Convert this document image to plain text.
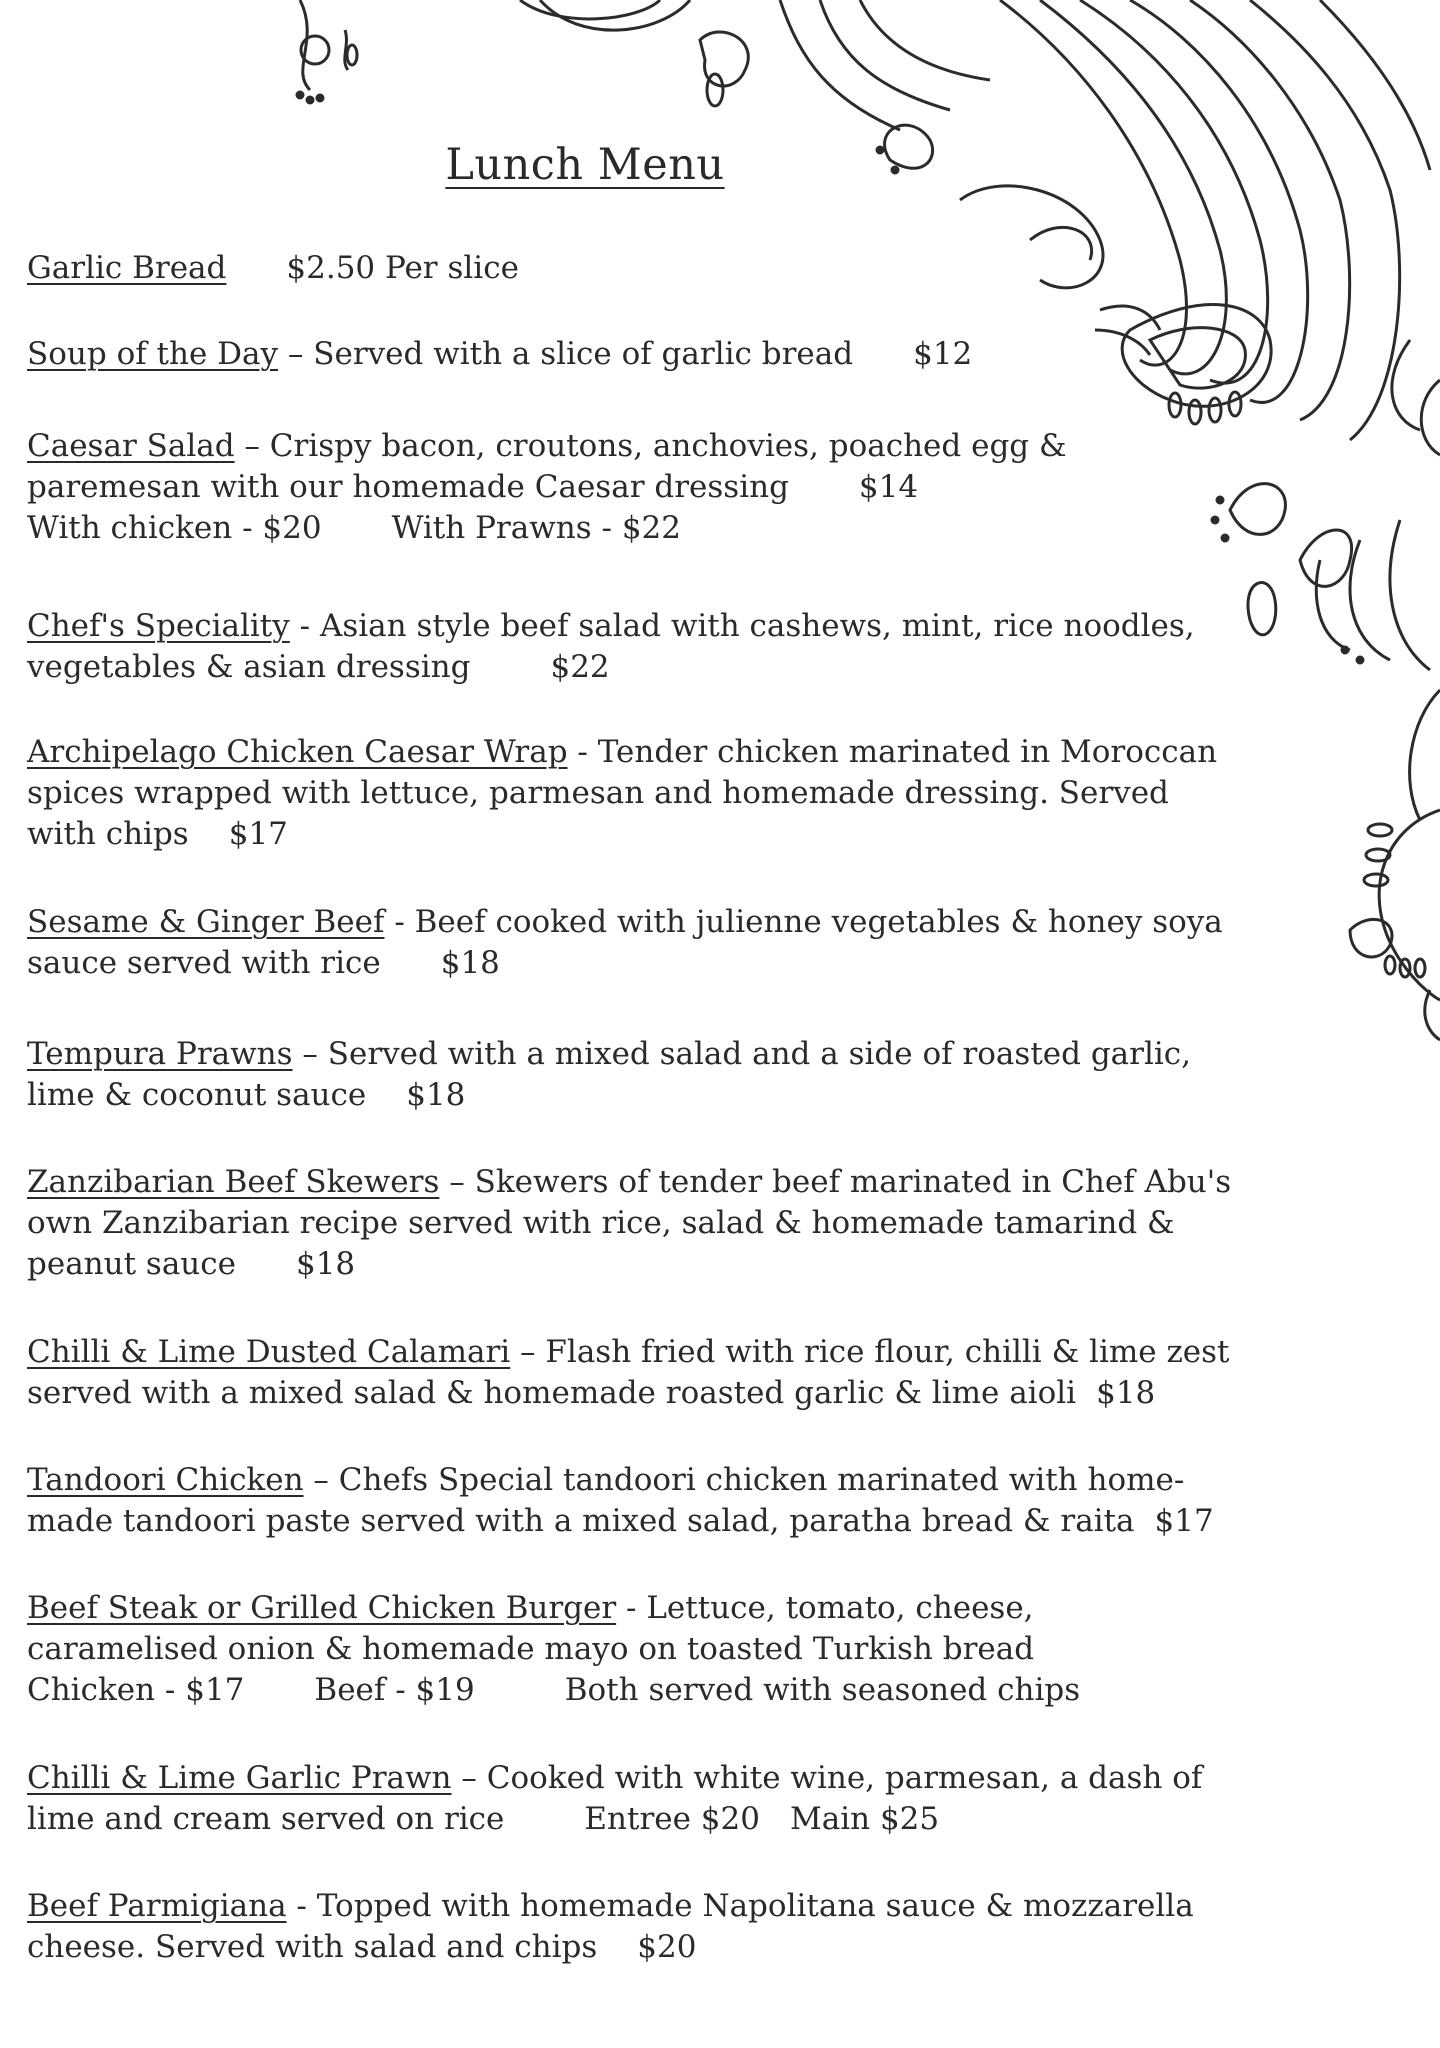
Lunch Menu

Garlic Bread $2.50 Per slice

Soup of the Day – Served with a slice of garlic bread $12

Caesar Salad – Crispy bacon, croutons, anchovies, poached egg & paremesan with our homemade Caesar dressing $14
With chicken - $20 With Prawns - $22

Chef's Speciality - Asian style beef salad with cashews, mint, rice noodles, vegetables & asian dressing	$22

Archipelago Chicken Caesar Wrap - Tender chicken marinated in Moroccan spices wrapped with lettuce, parmesan and homemade dressing. Served with chips $17

Sesame & Ginger Beef - Beef cooked with julienne vegetables & honey soya sauce served with rice $18

Tempura Prawns – Served with a mixed salad and a side of roasted garlic, lime & coconut sauce $18

Zanzibarian Beef Skewers – Skewers of tender beef marinated in Chef Abu's own Zanzibarian recipe served with rice, salad & homemade tamarind & peanut sauce $18

Chilli & Lime Dusted Calamari – Flash fried with rice flour, chilli & lime zest served with a mixed salad & homemade roasted garlic & lime aioli $18

Tandoori Chicken – Chefs Special tandoori chicken marinated with home-made tandoori paste served with a mixed salad, paratha bread & raita $17

Beef Steak or Grilled Chicken Burger - Lettuce, tomato, cheese, caramelised onion & homemade mayo on toasted Turkish bread
Chicken - $17 Beef - $19	Both served with seasoned chips

Chilli & Lime Garlic Prawn – Cooked with white wine, parmesan, a dash of lime and cream served on rice	Entree $20 Main $25

Beef Parmigiana - Topped with homemade Napolitana sauce & mozzarella cheese. Served with salad and chips $20
